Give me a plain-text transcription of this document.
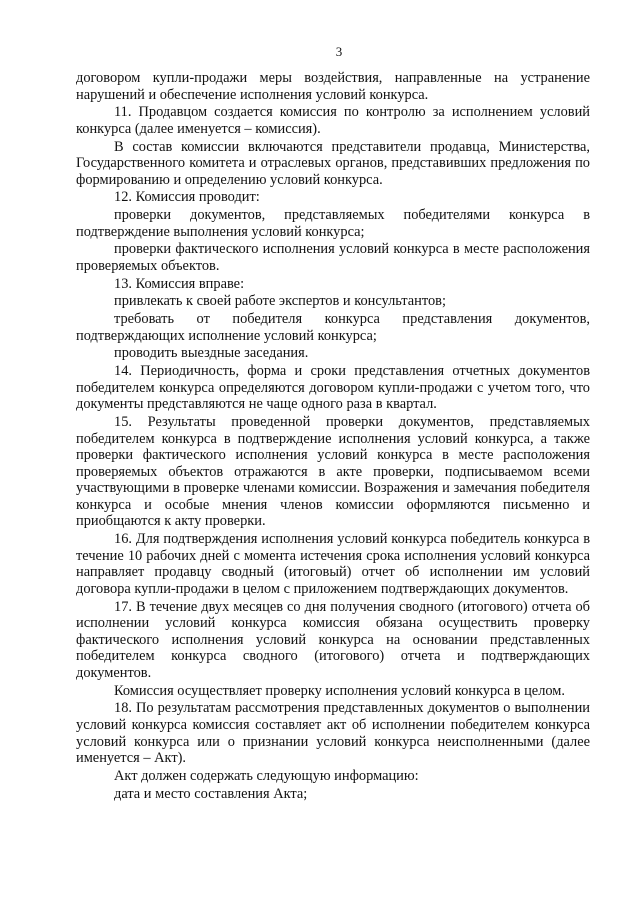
3

договором купли-продажи меры воздействия, направленные на устранение нарушений и обеспечение исполнения условий конкурса.

11. Продавцом создается комиссия по контролю за исполнением условий конкурса (далее именуется – комиссия).

В состав комиссии включаются представители продавца, Министерства, Государственного комитета и отраслевых органов, представивших предложения по формированию и определению условий конкурса.

12. Комиссия проводит:

проверки документов, представляемых победителями конкурса в подтверждение выполнения условий конкурса;

проверки фактического исполнения условий конкурса в месте расположения проверяемых объектов.

13. Комиссия вправе:

привлекать к своей работе экспертов и консультантов;

требовать от победителя конкурса представления документов, подтверждающих исполнение условий конкурса;

проводить выездные заседания.

14. Периодичность, форма и сроки представления отчетных документов победителем конкурса определяются договором купли-продажи с учетом того, что документы представляются не чаще одного раза в квартал.

15. Результаты проведенной проверки документов, представляемых победителем конкурса в подтверждение исполнения условий конкурса, а также проверки фактического исполнения условий конкурса в месте расположения проверяемых объектов отражаются в акте проверки, подписываемом всеми участвующими в проверке членами комиссии. Возражения и замечания победителя конкурса и особые мнения членов комиссии оформляются письменно и приобщаются к акту проверки.

16. Для подтверждения исполнения условий конкурса победитель конкурса в течение 10 рабочих дней с момента истечения срока исполнения условий конкурса направляет продавцу сводный (итоговый) отчет об исполнении им условий договора купли-продажи в целом с приложением подтверждающих документов.

17. В течение двух месяцев со дня получения сводного (итогового) отчета об исполнении условий конкурса комиссия обязана осуществить проверку фактического исполнения условий конкурса на основании представленных победителем конкурса сводного (итогового) отчета и подтверждающих документов.

Комиссия осуществляет проверку исполнения условий конкурса в целом.

18. По результатам рассмотрения представленных документов о выполнении условий конкурса комиссия составляет акт об исполнении победителем конкурса условий конкурса или о признании условий конкурса неисполненными (далее именуется – Акт).

Акт должен содержать следующую информацию:

дата и место составления Акта;
